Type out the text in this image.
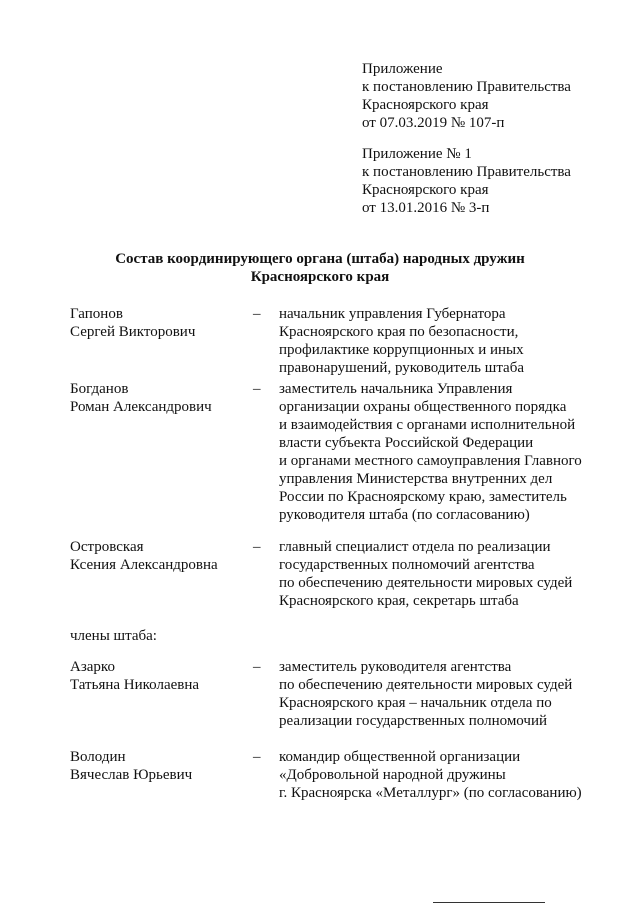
Приложение
к постановлению Правительства
Красноярского края
от 07.03.2019 № 107-п
Приложение № 1
к постановлению Правительства
Красноярского края
от 13.01.2016 № 3-п
Состав координирующего органа (штаба) народных дружин
Красноярского края
Гапонов
Сергей Викторович
–	начальник управления Губернатора
Красноярского края по безопасности,
профилактике коррупционных и иных
правонарушений, руководитель штаба
Богданов
Роман Александрович
–	заместитель начальника Управления
организации охраны общественного порядка
и взаимодействия с органами исполнительной
власти субъекта Российской Федерации
и органами местного самоуправления Главного
управления Министерства внутренних дел
России по Красноярскому краю, заместитель
руководителя штаба (по согласованию)
Островская
Ксения Александровна
–	главный специалист отдела по реализации
государственных полномочий агентства
по обеспечению деятельности мировых судей
Красноярского края, секретарь штаба
члены штаба:
Азарко
Татьяна Николаевна
–	заместитель руководителя агентства
по обеспечению деятельности мировых судей
Красноярского края – начальник отдела по
реализации государственных полномочий
Володин
Вячеслав Юрьевич
–	командир общественной организации
«Добровольной народной дружины
г. Красноярска «Металлург» (по согласованию)
